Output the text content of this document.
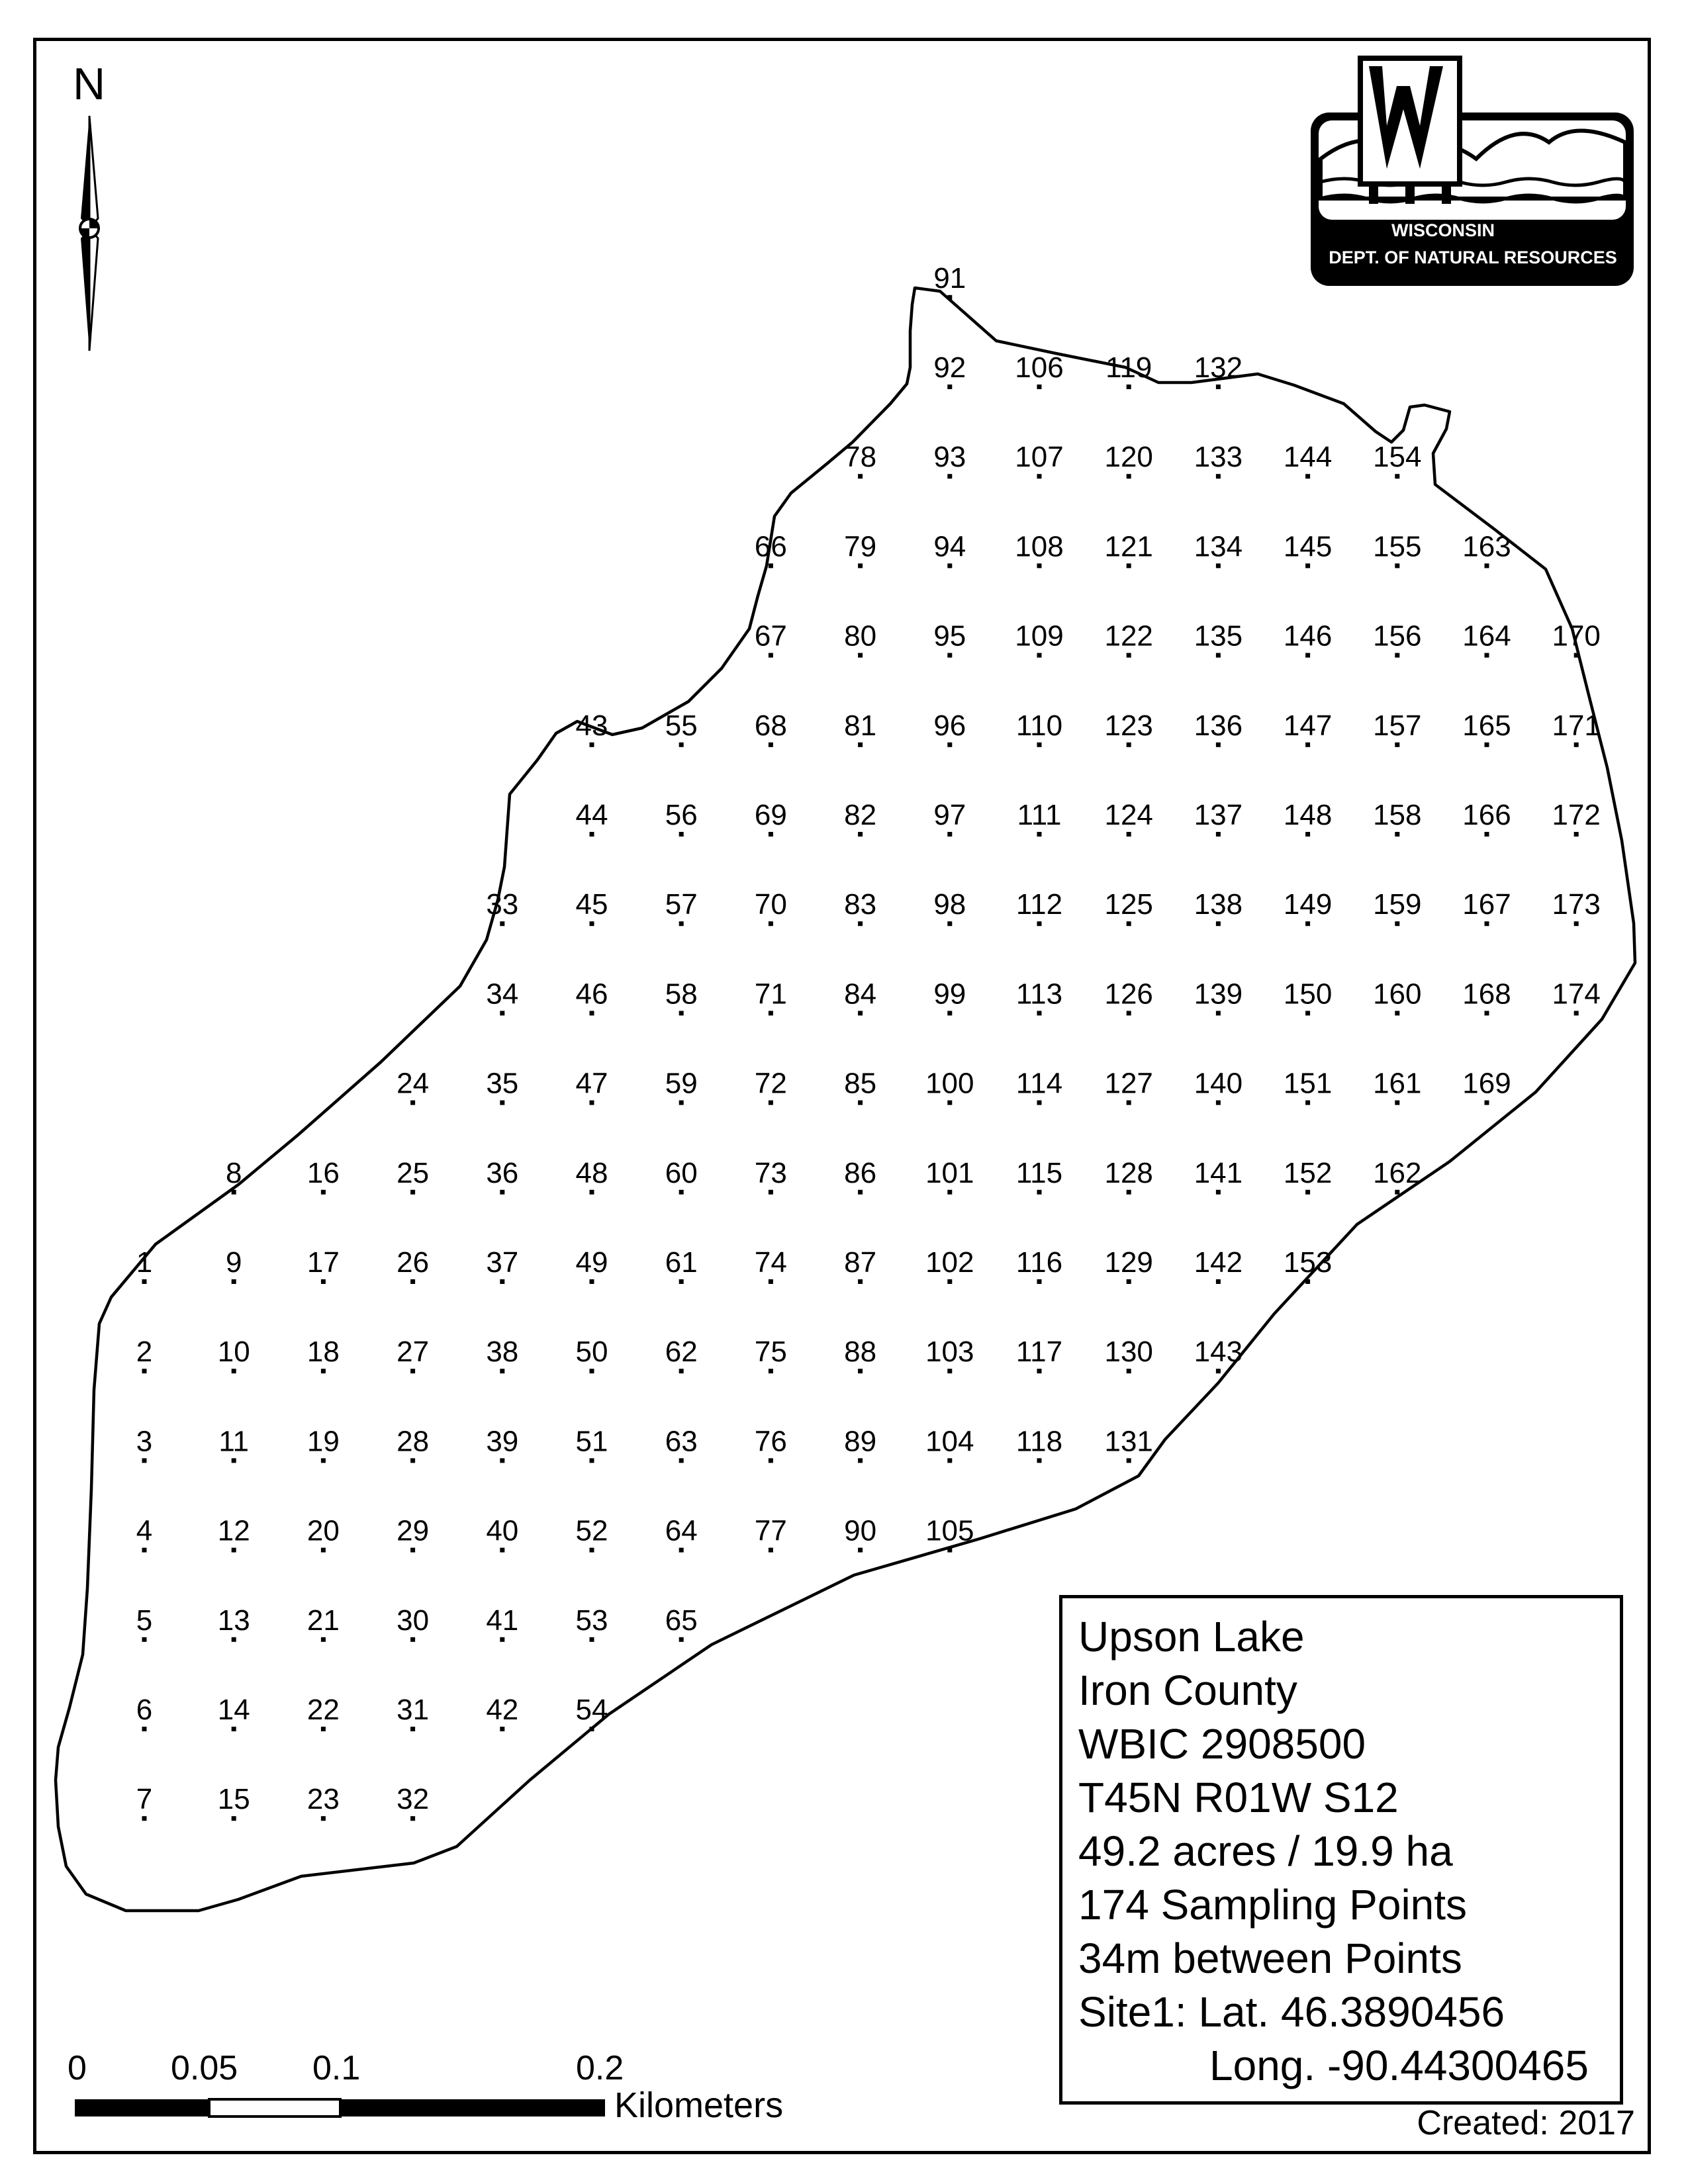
WISCONSIN
DEPT. OF NATURAL RESOURCES
1
2
3
4
5
6
7
8
9
10
11
12
13
14
15
16
17
18
19
20
21
22
23
24
25
26
27
28
29
30
31
32
33
34
35
36
37
38
39
40
41
42
43
44
45
46
47
48
49
50
51
52
53
54
55
56
57
58
59
60
61
62
63
64
65
66
67
68
69
70
71
72
73
74
75
76
77
78
79
80
81
82
83
84
85
86
87
88
89
90
91
92
93
94
95
96
97
98
99
100
101
102
103
104
105
106
107
108
109
110
111
112
113
114
115
116
117
118
119
120
121
122
123
124
125
126
127
128
129
130
131
132
133
134
135
136
137
138
139
140
141
142
143
144
145
146
147
148
149
150
151
152
153
154
155
156
157
158
159
160
161
162
163
164
165
166
167
168
169
170
171
172
173
174
N
0 0.05 0.1	0.2
Kilometers
Upson Lake
Iron County
WBIC 2908500
T45N R01W S12
49.2 acres / 19.9 ha
174 Sampling Points
34m between Points
Site1: Lat. 46.3890456
Long. -90.44300465
Created: 2017
